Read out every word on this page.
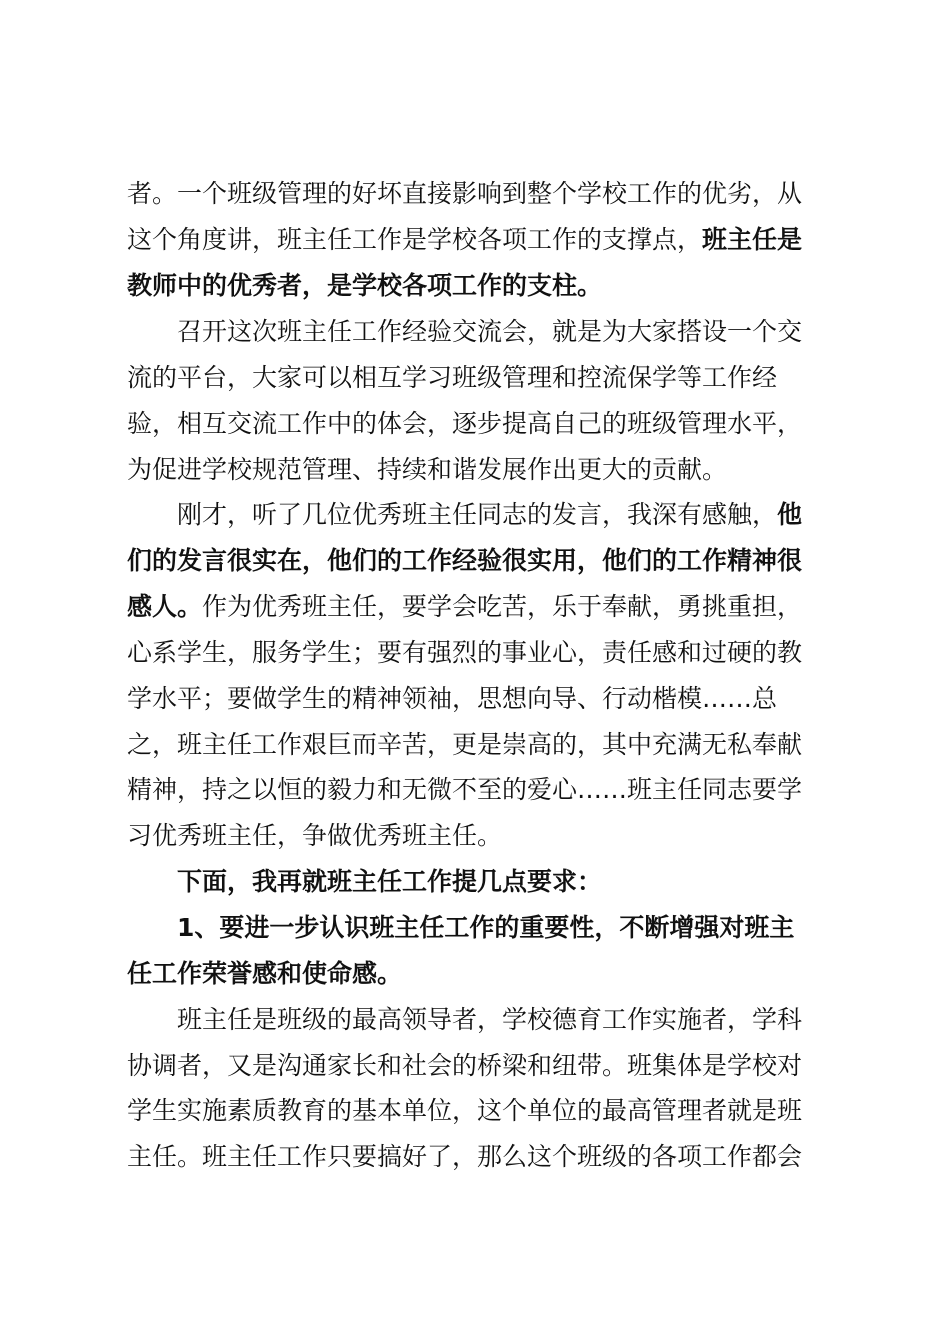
者。一个班级管理的好坏直接影响到整个学校工作的优劣，从
这个角度讲，班主任工作是学校各项工作的支撑点，班主任是
教师中的优秀者，是学校各项工作的支柱。
召开这次班主任工作经验交流会，就是为大家搭设一个交
流的平台，大家可以相互学习班级管理和控流保学等工作经
验，相互交流工作中的体会，逐步提高自己的班级管理水平，
为促进学校规范管理、持续和谐发展作出更大的贡献。
刚才，听了几位优秀班主任同志的发言，我深有感触，他
们的发言很实在，他们的工作经验很实用，他们的工作精神很
感人。作为优秀班主任，要学会吃苦，乐于奉献，勇挑重担，
心系学生，服务学生；要有强烈的事业心，责任感和过硬的教
学水平；要做学生的精神领袖，思想向导、行动楷模……总
之，班主任工作艰巨而辛苦，更是崇高的，其中充满无私奉献
精神，持之以恒的毅力和无微不至的爱心……班主任同志要学
习优秀班主任，争做优秀班主任。
下面，我再就班主任工作提几点要求：
1、要进一步认识班主任工作的重要性，不断增强对班主
任工作荣誉感和使命感。
班主任是班级的最高领导者，学校德育工作实施者，学科
协调者，又是沟通家长和社会的桥梁和纽带。班集体是学校对
学生实施素质教育的基本单位，这个单位的最高管理者就是班
主任。班主任工作只要搞好了，那么这个班级的各项工作都会
